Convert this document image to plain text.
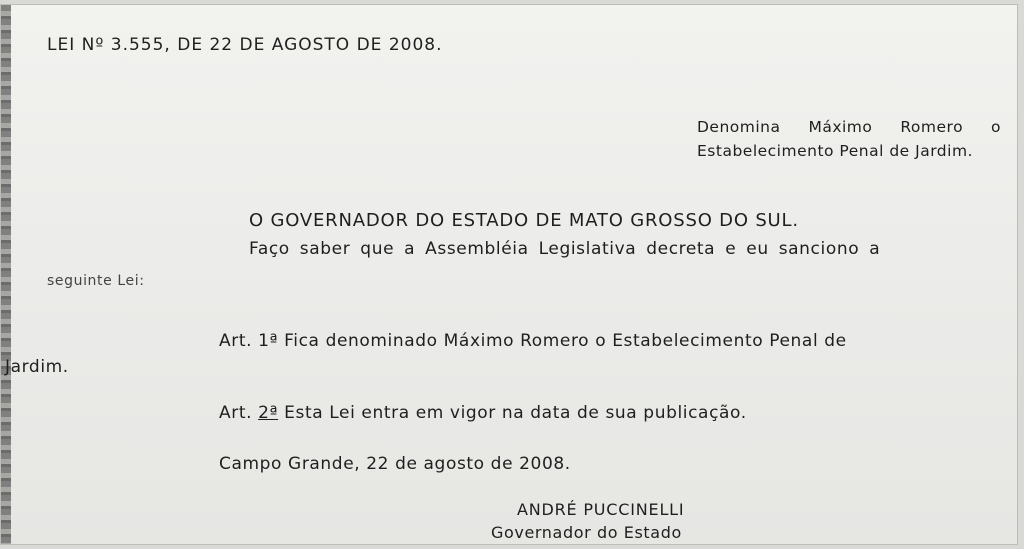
LEI Nº 3.555, DE 22 DE AGOSTO DE 2008.

Denomina Máximo Romero o Estabelecimento Penal de Jardim.

O GOVERNADOR DO ESTADO DE MATO GROSSO DO SUL.

Faço saber que a Assembléia Legislativa decreta e eu sanciono a

seguinte Lei:

Art. 1ª Fica denominado Máximo Romero o Estabelecimento Penal de

Jardim.

Art. 2ª Esta Lei entra em vigor na data de sua publicação.

Campo Grande, 22 de agosto de 2008.

ANDRÉ PUCCINELLI

Governador do Estado
